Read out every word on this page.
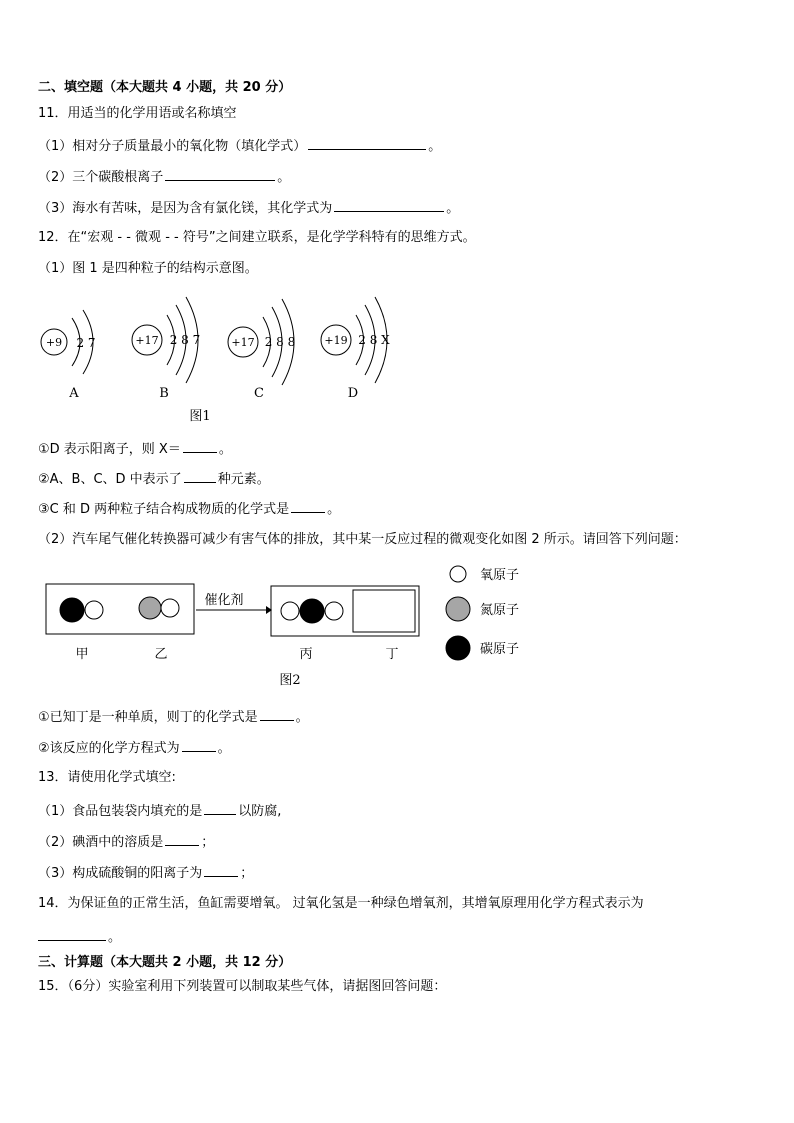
二、填空题（本大题共 4 小题，共 20 分）
11．用适当的化学用语或名称填空
（1）相对分子质量最小的氧化物（填化学式）	。
（2）三个碳酸根离子	。
（3）海水有苦味，是因为含有氯化镁，其化学式为	。
12．在“宏观 - - 微观 - - 符号”之间建立联系，是化学学科特有的思维方式。
（1）图 1 是四种粒子的结构示意图。
+9 2 7
A
+17 2 8 7
B
+17 2 8 8
C
+19 2 8 X
D
图1
①D 表示阳离子，则 X＝	。
②A、B、C、D 中表示了	种元素。
③C 和 D 两种粒子结合构成物质的化学式是	。
（2）汽车尾气催化转换器可减少有害气体的排放，其中某一反应过程的微观变化如图 2 所示。请回答下列问题：
催化剂
甲	乙	丙	丁
图2
氧原子
氮原子
碳原子
①已知丁是一种单质，则丁的化学式是	。
②该反应的化学方程式为	。
13．请使用化学式填空:
（1）食品包装袋内填充的是	以防腐,
（2）碘酒中的溶质是	；
（3）构成硫酸铜的阳离子为	；
14．为保证鱼的正常生活，鱼缸需要增氧。 过氧化氢是一种绿色增氧剂，其增氧原理用化学方程式表示为
。
三、计算题（本大题共 2 小题，共 12 分）
15．（6分）实验室利用下列装置可以制取某些气体，请据图回答问题：
